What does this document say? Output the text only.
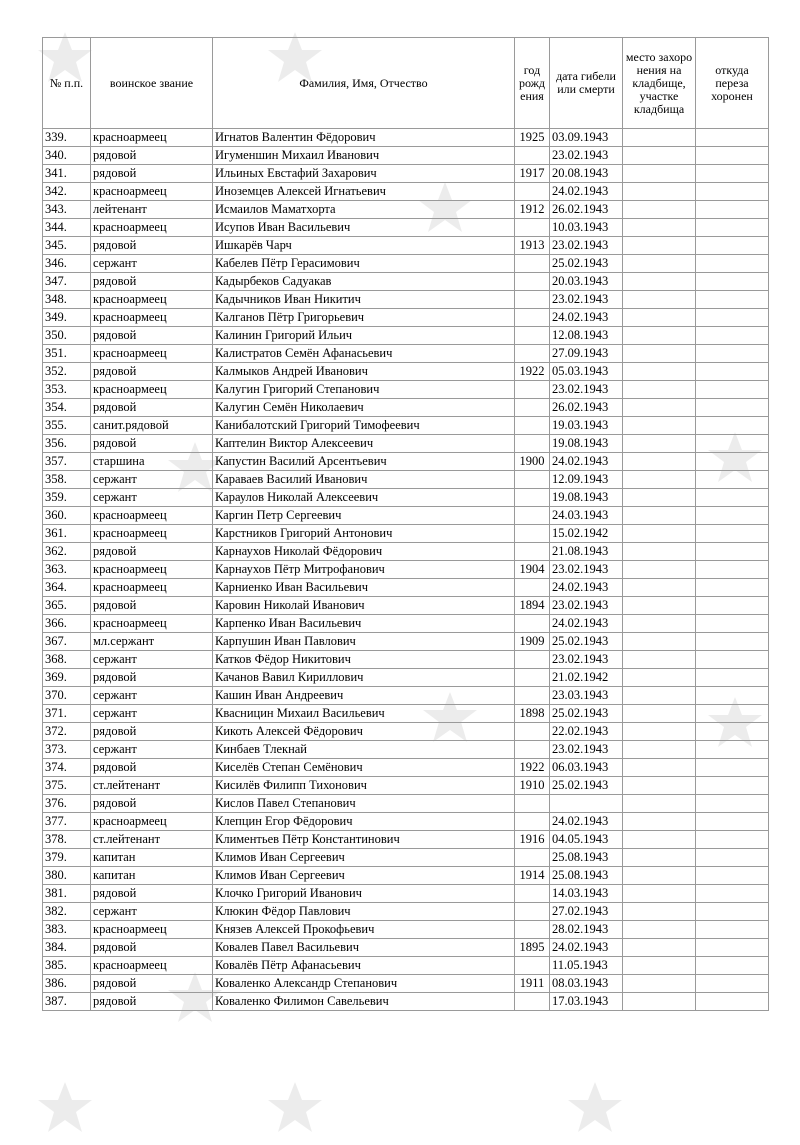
№ п.п.	воинское звание	Фамилия, Имя, Отчество	год рожд ения	дата гибели или смерти	место захоро нения на кладбище, участке кладбища	откуда переза хоронен
339.	красноармеец	Игнатов Валентин Фёдорович	1925	03.09.1943		
340.	рядовой	Игуменшин Михаил Иванович		23.02.1943		
341.	рядовой	Ильиных Евстафий Захарович	1917	20.08.1943		
342.	красноармеец	Иноземцев Алексей Игнатьевич		24.02.1943		
343.	лейтенант	Исмаилов Маматхорта	1912	26.02.1943		
344.	красноармеец	Исупов Иван Васильевич		10.03.1943		
345.	рядовой	Ишкарёв Чарч	1913	23.02.1943		
346.	сержант	Кабелев Пётр Герасимович		25.02.1943		
347.	рядовой	Кадырбеков Садуакав		20.03.1943		
348.	красноармеец	Кадычников Иван Никитич		23.02.1943		
349.	красноармеец	Калганов Пётр Григорьевич		24.02.1943		
350.	рядовой	Калинин Григорий Ильич		12.08.1943		
351.	красноармеец	Калистратов Семён Афанасьевич		27.09.1943		
352.	рядовой	Калмыков Андрей Иванович	1922	05.03.1943		
353.	красноармеец	Калугин Григорий Степанович		23.02.1943		
354.	рядовой	Калугин Семён Николаевич		26.02.1943		
355.	санит.рядовой	Канибалотский Григорий Тимофеевич		19.03.1943		
356.	рядовой	Каптелин Виктор Алексеевич		19.08.1943		
357.	старшина	Капустин Василий Арсентьевич	1900	24.02.1943		
358.	сержант	Караваев Василий Иванович		12.09.1943		
359.	сержант	Караулов Николай Алексеевич		19.08.1943		
360.	красноармеец	Каргин Петр Сергеевич		24.03.1943		
361.	красноармеец	Карстников Григорий Антонович		15.02.1942		
362.	рядовой	Карнаухов Николай Фёдорович		21.08.1943		
363.	красноармеец	Карнаухов Пётр Митрофанович	1904	23.02.1943		
364.	красноармеец	Карниенко Иван Васильевич		24.02.1943		
365.	рядовой	Каровин Николай Иванович	1894	23.02.1943		
366.	красноармеец	Карпенко Иван Васильевич		24.02.1943		
367.	мл.сержант	Карпушин Иван Павлович	1909	25.02.1943		
368.	сержант	Катков Фёдор Никитович		23.02.1943		
369.	рядовой	Качанов Вавил Кириллович		21.02.1942		
370.	сержант	Кашин Иван Андреевич		23.03.1943		
371.	сержант	Квасницин Михаил Васильевич	1898	25.02.1943		
372.	рядовой	Кикоть Алексей Фёдорович		22.02.1943		
373.	сержант	Кинбаев Тлекнай		23.02.1943		
374.	рядовой	Киселёв Степан Семёнович	1922	06.03.1943		
375.	ст.лейтенант	Кисилёв Филипп Тихонович	1910	25.02.1943		
376.	рядовой	Кислов Павел Степанович				
377.	красноармеец	Клепцин Егор Фёдорович		24.02.1943		
378.	ст.лейтенант	Климентьев Пётр Константинович	1916	04.05.1943		
379.	капитан	Климов Иван Сергеевич		25.08.1943		
380.	капитан	Климов Иван Сергеевич	1914	25.08.1943		
381.	рядовой	Клочко Григорий Иванович		14.03.1943		
382.	сержант	Клюкин Фёдор Павлович		27.02.1943		
383.	красноармеец	Князев Алексей Прокофьевич		28.02.1943		
384.	рядовой	Ковалев Павел Васильевич	1895	24.02.1943		
385.	красноармеец	Ковалёв Пётр Афанасьевич		11.05.1943		
386.	рядовой	Коваленко Александр Степанович	1911	08.03.1943		
387.	рядовой	Коваленко Филимон Савельевич		17.03.1943		
